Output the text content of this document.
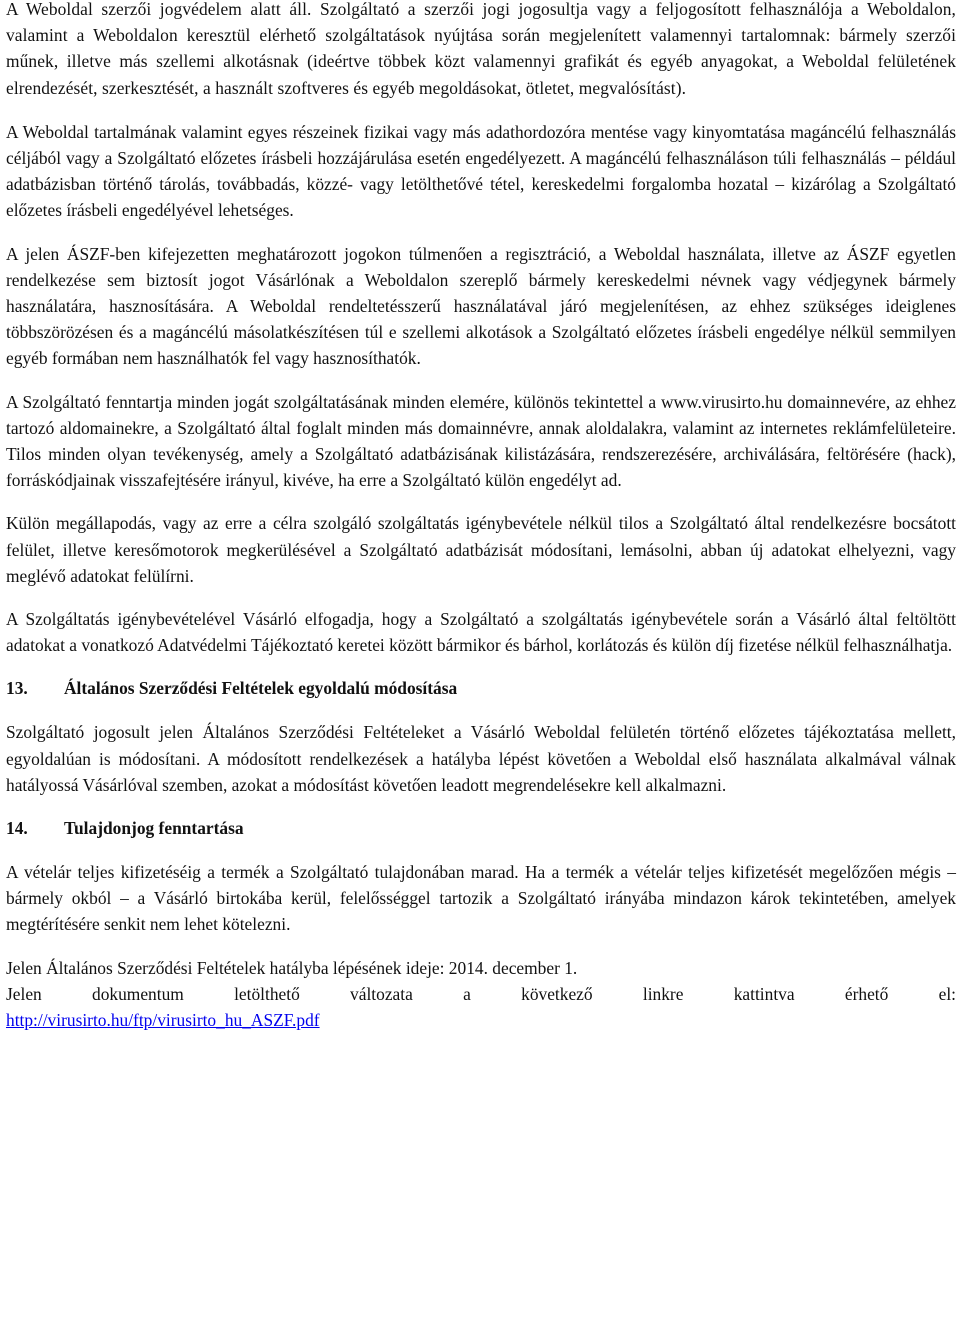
A Weboldal szerzői jogvédelem alatt áll. Szolgáltató a szerzői jogi jogosultja vagy a feljogosított felhasználója a Weboldalon, valamint a Weboldalon keresztül elérhető szolgáltatások nyújtása során megjelenített valamennyi tartalomnak: bármely szerzői műnek, illetve más szellemi alkotásnak (ideértve többek közt valamennyi grafikát és egyéb anyagokat, a Weboldal felületének elrendezését, szerkesztését, a használt szoftveres és egyéb megoldásokat, ötletet, megvalósítást).

A Weboldal tartalmának valamint egyes részeinek fizikai vagy más adathordozóra mentése vagy kinyomtatása magáncélú felhasználás céljából vagy a Szolgáltató előzetes írásbeli hozzájárulása esetén engedélyezett. A magáncélú felhasználáson túli felhasználás – például adatbázisban történő tárolás, továbbadás, közzé- vagy letölthetővé tétel, kereskedelmi forgalomba hozatal – kizárólag a Szolgáltató előzetes írásbeli engedélyével lehetséges.

A jelen ÁSZF-ben kifejezetten meghatározott jogokon túlmenően a regisztráció, a Weboldal használata, illetve az ÁSZF egyetlen rendelkezése sem biztosít jogot Vásárlónak a Weboldalon szereplő bármely kereskedelmi névnek vagy védjegynek bármely használatára, hasznosítására. A Weboldal rendeltetésszerű használatával járó megjelenítésen, az ehhez szükséges ideiglenes többszörözésen és a magáncélú másolatkészítésen túl e szellemi alkotások a Szolgáltató előzetes írásbeli engedélye nélkül semmilyen egyéb formában nem használhatók fel vagy hasznosíthatók.

A Szolgáltató fenntartja minden jogát szolgáltatásának minden elemére, különös tekintettel a www.virusirto.hu domainnevére, az ehhez tartozó aldomainekre, a Szolgáltató által foglalt minden más domainnévre, annak aloldalakra, valamint az internetes reklámfelületeire. Tilos minden olyan tevékenység, amely a Szolgáltató adatbázisának kilistázására, rendszerezésére, archiválására, feltörésére (hack), forráskódjainak visszafejtésére irányul, kivéve, ha erre a Szolgáltató külön engedélyt ad.

Külön megállapodás, vagy az erre a célra szolgáló szolgáltatás igénybevétele nélkül tilos a Szolgáltató által rendelkezésre bocsátott felület, illetve keresőmotorok megkerülésével a Szolgáltató adatbázisát módosítani, lemásolni, abban új adatokat elhelyezni, vagy meglévő adatokat felülírni.

A Szolgáltatás igénybevételével Vásárló elfogadja, hogy a Szolgáltató a szolgáltatás igénybevétele során a Vásárló által feltöltött adatokat a vonatkozó Adatvédelmi Tájékoztató keretei között bármikor és bárhol, korlátozás és külön díj fizetése nélkül felhasználhatja.

13. Általános Szerződési Feltételek egyoldalú módosítása

Szolgáltató jogosult jelen Általános Szerződési Feltételeket a Vásárló Weboldal felületén történő előzetes tájékoztatása mellett, egyoldalúan is módosítani. A módosított rendelkezések a hatályba lépést követően a Weboldal első használata alkalmával válnak hatályossá Vásárlóval szemben, azokat a módosítást követően leadott megrendelésekre kell alkalmazni.

14. Tulajdonjog fenntartása

A vételár teljes kifizetéséig a termék a Szolgáltató tulajdonában marad. Ha a termék a vételár teljes kifizetését megelőzően mégis – bármely okból – a Vásárló birtokába kerül, felelősséggel tartozik a Szolgáltató irányába mindazon károk tekintetében, amelyek megtérítésére senkit nem lehet kötelezni.

Jelen Általános Szerződési Feltételek hatályba lépésének ideje: 2014. december 1.

Jelen dokumentum letölthető változata a következő linkre kattintva érhető el:

http://virusirto.hu/ftp/virusirto_hu_ASZF.pdf
